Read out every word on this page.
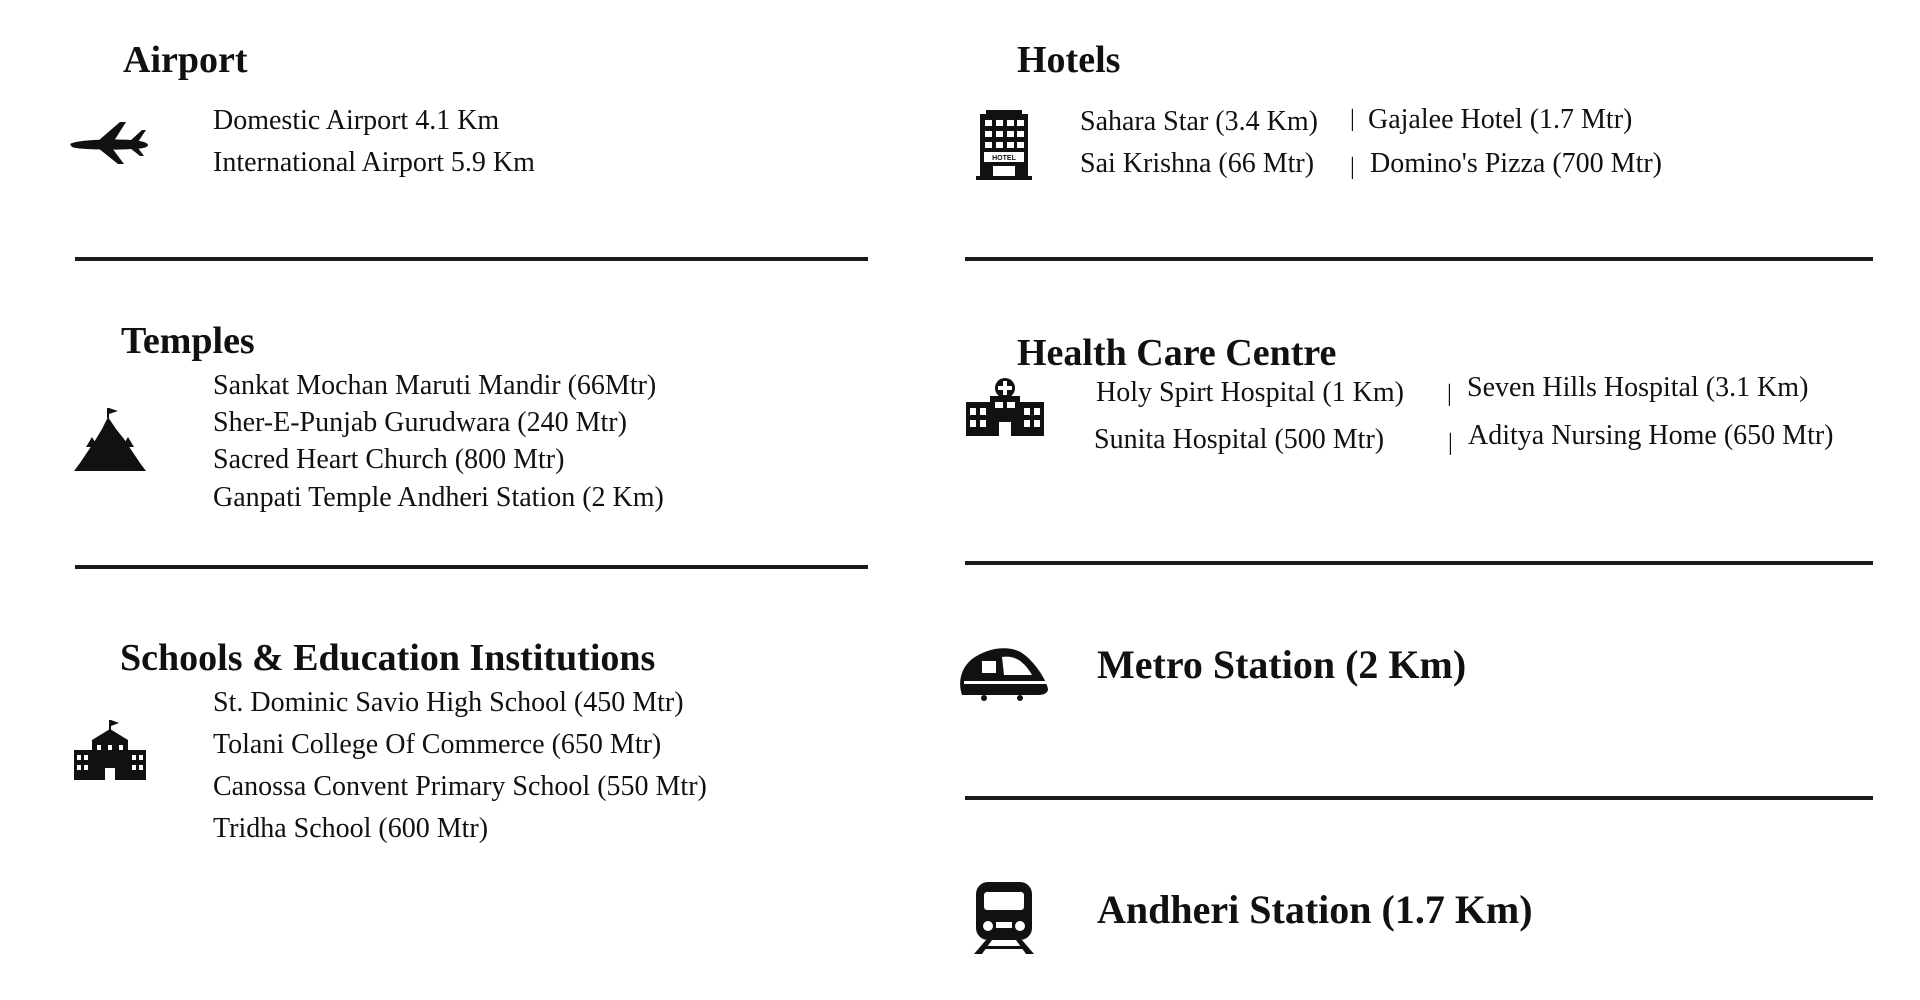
Airport
Domestic Airport 4.1 Km
International Airport 5.9 Km
Temples
Sankat Mochan Maruti Mandir (66Mtr)
Sher-E-Punjab Gurudwara (240 Mtr)
Sacred Heart Church (800 Mtr)
Ganpati Temple Andheri Station (2 Km)
Schools & Education Institutions
St. Dominic Savio High School (450 Mtr)
Tolani College Of Commerce (650 Mtr)
Canossa Convent Primary School (550 Mtr)
Tridha School (600 Mtr)
Hotels
HOTEL
Sahara Star (3.4 Km) | Gajalee Hotel (1.7 Mtr)
Sai Krishna (66 Mtr) | Domino's Pizza (700 Mtr)
Health Care Centre
Holy Spirt Hospital (1 Km) | Seven Hills Hospital (3.1 Km)
Sunita Hospital (500 Mtr)	| Aditya Nursing Home (650 Mtr)
Metro Station (2 Km)
Andheri Station (1.7 Km)
